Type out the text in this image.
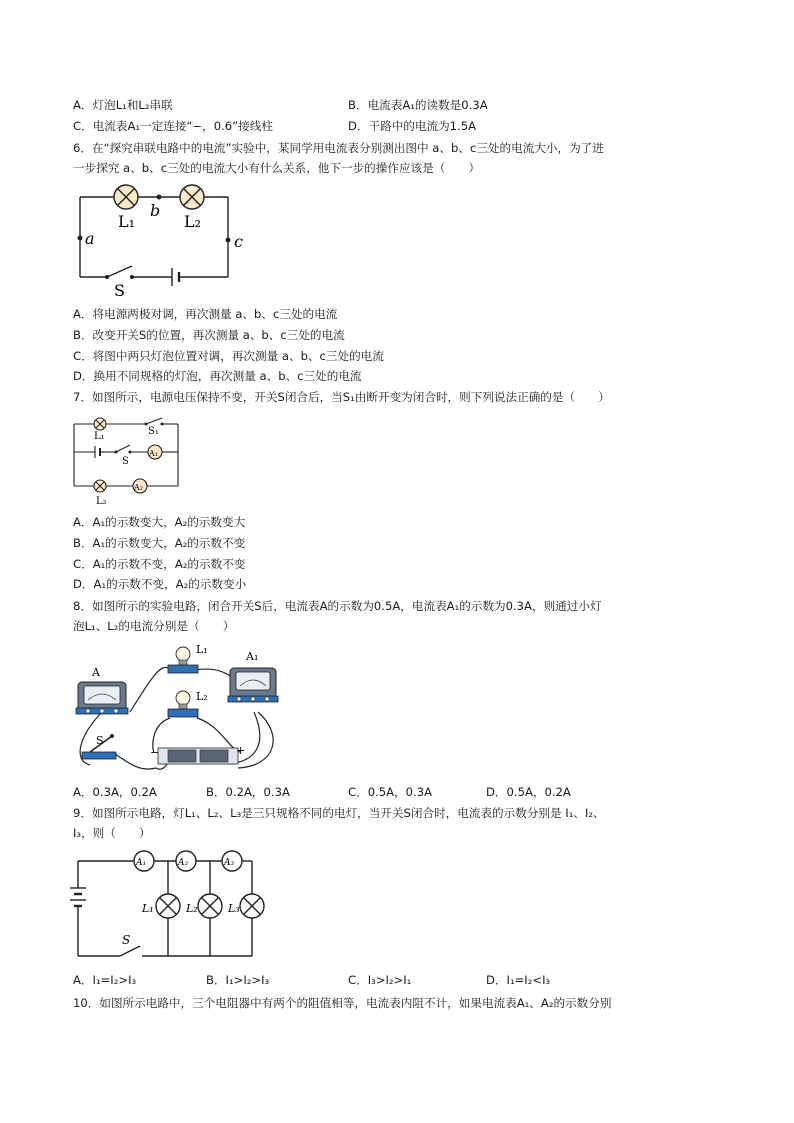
A．灯泡L₁和L₂串联	B．电流表A₁的读数是0.3A
C．电流表A₁一定连接“−，0.6”接线柱	D．干路中的电流为1.5A
6．在“探究串联电路中的电流”实验中，某同学用电流表分别测出图中 a、b、c三处的电流大小，为了进
一步探究 a、b、c三处的电流大小有什么关系，他下一步的操作应该是（　　）
L₁	L₂
b
a	c
S
A．将电源两极对调，再次测量 a、b、c三处的电流
B．改变开关S的位置，再次测量 a、b、c三处的电流
C．将图中两只灯泡位置对调，再次测量 a、b、c三处的电流
D．换用不同规格的灯泡，再次测量 a、b、c三处的电流
7．如图所示，电源电压保持不变，开关S闭合后，当S₁由断开变为闭合时，则下列说法正确的是（　　）
L₁	S₁
S
A₁
A₂
L₂
A．A₁的示数变大，A₂的示数变大
B．A₁的示数变大，A₂的示数不变
C．A₁的示数不变，A₂的示数不变
D．A₁的示数不变，A₂的示数变小
8．如图所示的实验电路，闭合开关S后，电流表A的示数为0.5A，电流表A₁的示数为0.3A，则通过小灯
泡L₁、L₂的电流分别是（　　）
A
A₁
L₁
L₂
S
−	+
A．0.3A，0.2A	B．0.2A，0.3A	C．0.5A，0.3A	D．0.5A，0.2A
9．如图所示电路，灯L₁、L₂、L₃是三只规格不同的电灯，当开关S闭合时，电流表的示数分别是 I₁、I₂、
I₃，则（　　）
A₁	A₂	A₃
L₁	L₂	L₃
S
A．I₁=I₂>I₃	B．I₁>I₂>I₃	C．I₃>I₂>I₁	D．I₁=I₂<I₃
10．如图所示电路中，三个电阻器中有两个的阻值相等，电流表内阻不计，如果电流表A₁、A₂的示数分别
